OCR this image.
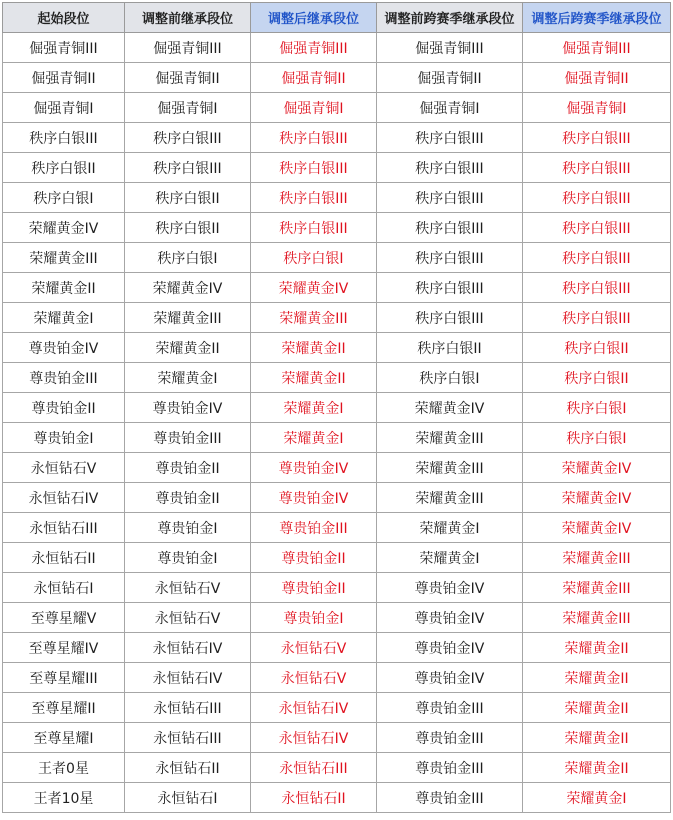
起始段位	调整前继承段位	调整后继承段位	调整前跨赛季继承段位	调整后跨赛季继承段位
倔强青铜III	倔强青铜III	倔强青铜III	倔强青铜III	倔强青铜III
倔强青铜II	倔强青铜II	倔强青铜II	倔强青铜II	倔强青铜II
倔强青铜I	倔强青铜I	倔强青铜I	倔强青铜I	倔强青铜I
秩序白银III	秩序白银III	秩序白银III	秩序白银III	秩序白银III
秩序白银II	秩序白银III	秩序白银III	秩序白银III	秩序白银III
秩序白银I	秩序白银II	秩序白银III	秩序白银III	秩序白银III
荣耀黄金IV	秩序白银II	秩序白银III	秩序白银III	秩序白银III
荣耀黄金III	秩序白银I	秩序白银I	秩序白银III	秩序白银III
荣耀黄金II	荣耀黄金IV	荣耀黄金IV	秩序白银III	秩序白银III
荣耀黄金I	荣耀黄金III	荣耀黄金III	秩序白银III	秩序白银III
尊贵铂金IV	荣耀黄金II	荣耀黄金II	秩序白银II	秩序白银II
尊贵铂金III	荣耀黄金I	荣耀黄金II	秩序白银I	秩序白银II
尊贵铂金II	尊贵铂金IV	荣耀黄金I	荣耀黄金IV	秩序白银I
尊贵铂金I	尊贵铂金III	荣耀黄金I	荣耀黄金III	秩序白银I
永恒钻石V	尊贵铂金II	尊贵铂金IV	荣耀黄金III	荣耀黄金IV
永恒钻石IV	尊贵铂金II	尊贵铂金IV	荣耀黄金III	荣耀黄金IV
永恒钻石III	尊贵铂金I	尊贵铂金III	荣耀黄金I	荣耀黄金IV
永恒钻石II	尊贵铂金I	尊贵铂金II	荣耀黄金I	荣耀黄金III
永恒钻石I	永恒钻石V	尊贵铂金II	尊贵铂金IV	荣耀黄金III
至尊星耀V	永恒钻石V	尊贵铂金I	尊贵铂金IV	荣耀黄金III
至尊星耀IV	永恒钻石IV	永恒钻石V	尊贵铂金IV	荣耀黄金II
至尊星耀III	永恒钻石IV	永恒钻石V	尊贵铂金IV	荣耀黄金II
至尊星耀II	永恒钻石III	永恒钻石IV	尊贵铂金III	荣耀黄金II
至尊星耀I	永恒钻石III	永恒钻石IV	尊贵铂金III	荣耀黄金II
王者0星	永恒钻石II	永恒钻石III	尊贵铂金III	荣耀黄金II
王者10星	永恒钻石I	永恒钻石II	尊贵铂金III	荣耀黄金I
